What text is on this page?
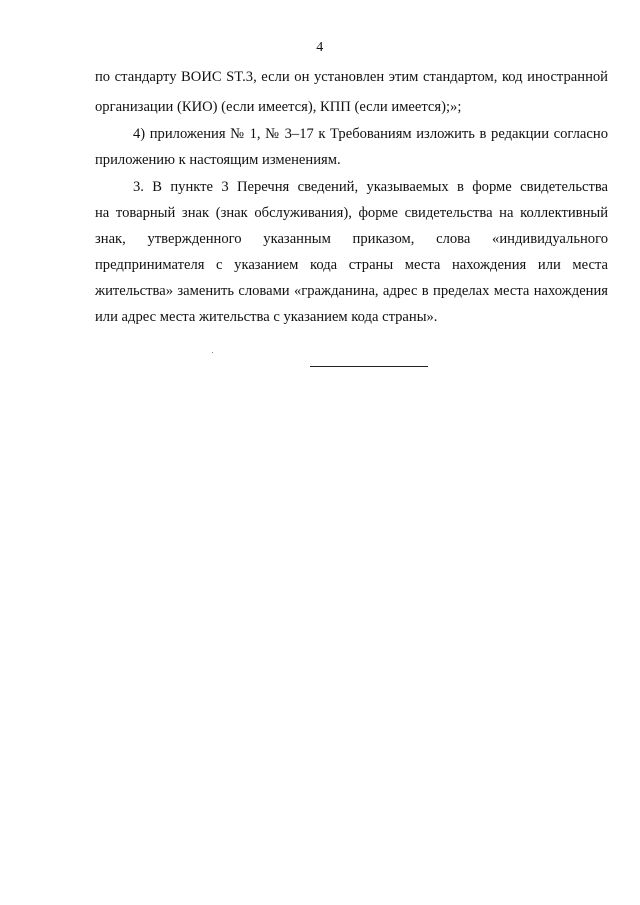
4
по стандарту ВОИС ST.3, если он установлен этим стандартом, код иностранной
организации (КИО) (если имеется), КПП (если имеется);»;
4) приложения № 1, № 3–17 к Требованиям изложить в редакции согласно
приложению к настоящим изменениям.
3. В пункте 3 Перечня сведений, указываемых в форме свидетельства
на товарный знак (знак обслуживания), форме свидетельства на коллективный
знак, утвержденного указанным приказом, слова «индивидуального
предпринимателя с указанием кода страны места нахождения или места
жительства» заменить словами «гражданина, адрес в пределах места нахождения
или адрес места жительства с указанием кода страны».
